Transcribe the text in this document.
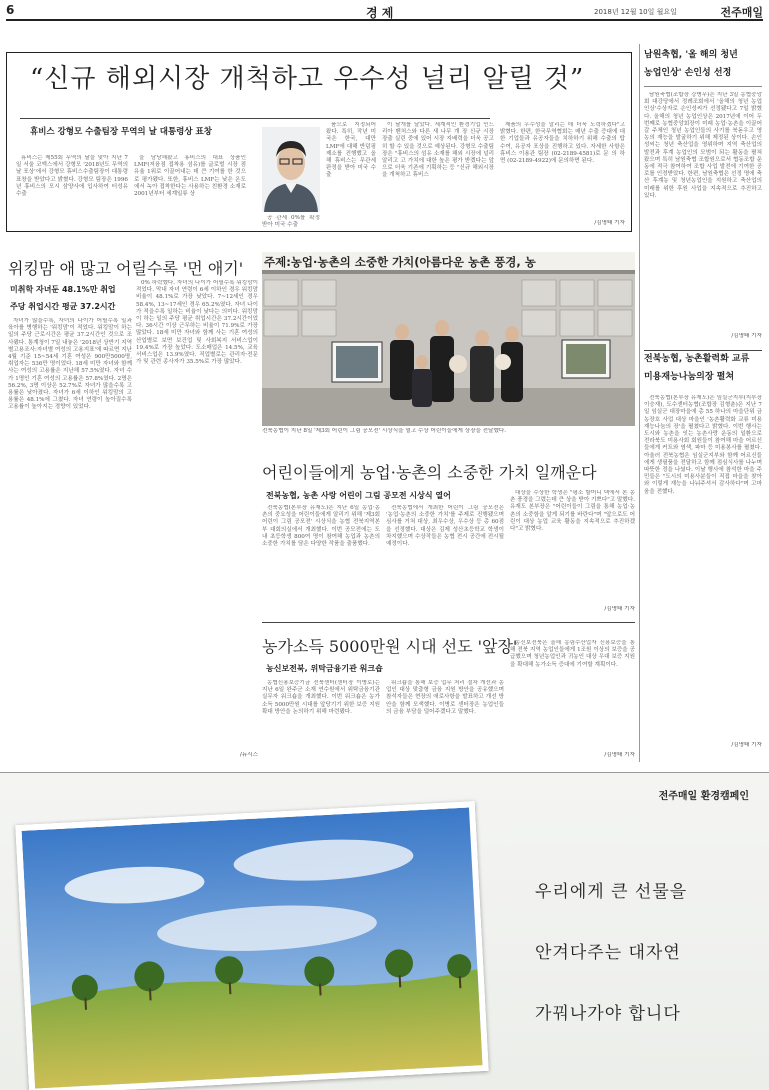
6	경 제	2018년 12월 10일 월요일	전주매일
“신규 해외시장 개척하고 우수성 널리 알릴 것”
휴비스 강형모 수출팀장 무역의 날 대통령상 표창

휴비스는 제55회 무역의 날을 맞아 지난 7일 서울 코엑스에서 강형모 '2018년도 무역의 날 포상'에서 강형모 휴비스수출팀장이 대통령 표창을 받았다고 밝혔다. 강형모 팀장은 1996년 휴비스의 모시 삼양사에 입사하여 터성유 수출

을 담당해왔고 휴비스의 대표 상품인 LMF(저융점 접착용 섬유)를 글로벌 시장 점유율 1위로 이끌어내는 데 큰 기여를 한 것으로 평가됐다. 또한, 휴비스 LMF는 낮은 온도에서 녹아 접착한다는 사용하는 친환경 소재로 2001년부터 세계일류 상

공 관세 0%를 확정 받아 미국 수출

품으로 지정되어 왔다. 특히, 작년 미국은 한국, 대만 LMF에 대해 반덤핑 제소를 진행했고 올해 휴비스는 무관세 판정을 받아 미국 수출

이 날개를 달았다. 세계적인 환경기업 인드리아 벤처스와 다른 새 나무 개 장 신규 시장 장출 실린 중에 있어 시장 지배력을 더욱 공고히 할 수 있을 것으로 예상된다. 강형모 수출팀장은 "휴비스의 섬유 소재를 해외 시장에 널리 알리고 고 가치에 대한 높은 평가 받겠다는 앞으로 더욱 기존에 기획하는 등 "신규 해외시장을 개척하고 휴비스

제품의 우수성을 알리는 데 더욱 노력하겠다"고 밝혔다. 한편, 한국무역협회는 매년 수출 증대에 대한 기업들과 유공자들을 치하하기 위해 수출의 탑 수여, 유공자 포상을 진행하고 있다. 자세한 사항은 휴비스 이용관 팀장 (02-2189-4581)로 문 의 하 면 (02-2189-4922)에 문의하면 된다.

/김명태 기자
남원축협, '올 해의 청년
농업인상' 손인성 선정

남원축협(조합장 강병무)은 지난 3일 농협중앙회 대강당에서 정례조회에서 '올해의 청년 농업인상'수상자로 손인성씨가 선정됐다고 7일 밝혔다. 올해의 청년 농업인상은 2017년에 이어 두 번째로 농협중앙회장이 미래 농업·농촌을 이끌어갈 주체인 청년 농업인들의 사기를 북돋우고 영농의 재능을 발굴하기 위해 제정된 상이다. 손인성씨는 청년 축산업을 영위하며 지역 축산업의 발전과 후계 농업인의 모범이 되는 활동을 펼쳐 왔으며 특히 남원축협 조합원으로서 협동조합 운동에 적극 참여하여 조합 사업 발전에 기여한 공로를 인정받았다. 한편, 남원축협은 선정 명에 축산 후계농 및 청년농업인을 지원하고 축산업의 미래를 위한 후원 사업을 지속적으로 추진하고 있다.

/김명태 기자
전북농협, 농촌활력화 교류
미용재능나눔의장 펼쳐

전북농협(본부장 유재도)은 임실군지부(지부장 이승재), 도수센터농협(조합장 김형춘)은 지난 7일 임실군 대장마을에 총 55 하나의 마을단위 금 농장호 사업 대상 마을인 '농촌활력화 교류 미용재능나눔의 장'을 펼쳤다고 밝혔다. 이번 행사는 도시와 농촌을 잇는 농촌사랑 운동의 일환으로 전라북도 미용사회 회원들이 참여해 마을 어르신들에게 커트와 염색, 파마 등 미용봉사를 펼쳤다. 아울러 전북농협은 임실군지부와 함께 어르신들에게 생필품을 전달하고 함께 점심식사를 나누며 따뜻한 정을 나눴다. 이날 행사에 참석한 마을 주민들은 "도시의 미용사분들이 직접 마을을 찾아와 이렇게 재능을 나눠주셔서 감사하다"며 고마움을 전했다.

/김명태 기자
위킹맘 애 많고 어릴수록 '먼 애기'
미취학 자녀둔 48.1%만 취업
주당 취업시간 평균 37.2시간

자녀가 많을수록, 자녀의 나이가 어릴수록 일과 육아를 병행하는 '워킹맘'이 적었다. 워킹맘이 하는 일의 주당 근로시간은 평균 37.2시간인 것으로 조사됐다. 통계청이 7일 내놓은 '2018년 상반기 지역별고용조사:자녀별 여성의 고용지표'에 따르면 지난 4월 기준 15~54세 기혼 여성은 900만5000명, 취업자는 536만 명이었다. 18세 미만 자녀와 함께 사는 여성의 고용률은 지난해 57.5%였다. 자녀 수가 1명인 기혼 여성의 고용률은 57.8%였다. 2명은 56.2%, 3명 이상은 52.7%로 자녀가 많을수록 고용률은 낮아졌다. 자녀가 6세 이하인 워킹맘의 고용률은 48.1%에 그쳤다. 자녀 연령이 높아질수록 고용률이 높아지는 경향이 있었다.

0% 하락했다. 자녀의 나이가 어릴수록 워킹맘이 적었다. 막내 자녀 연령이 6세 이하인 경우 워킹맘 비율이 48.1%로 가장 낮았다. 7~12세인 경우 58.4%, 13~17세인 경우 65.2%였다. 자녀 나이가 적을수록 일하는 비율이 낮다는 의미다. 워킹맘이 하는 일의 주당 평균 취업시간은 37.2시간이었다. 36시간 이상 근무하는 비율이 71.9%로 가장 많았다. 18세 미만 자녀와 함께 사는 기혼 여성의 산업별로 보면 보건업 및 사회복지 서비스업이 19.4%로 가장 높았다. 도소매업은 14.5%, 교육서비스업은 13.9%였다. 직업별로는 관리자·전문가 및 관련 종사자가 35.5%로 가장 많았다.

/뉴시스
주제:농업·농촌의 소중한 가치(아름다운 농촌 풍경, 농
전북농협이 지난 8일 '제3회 어린이 그림 공모전' 시상식을 열고 수상 어린이들에게 상장을 전달했다.
어린이들에게 농업·농촌의 소중한 가치 일깨운다
전북농협, 농촌 사랑 어린이 그림 공모전 시상식 열어

전북농협(본부장 유재도)은 지난 6일 농업·농촌의 중요성을 어린이들에게 알리기 위해 '제3회 어린이 그림 공모전' 시상식을 농협 전북지역본부 대회의실에서 개최했다. 이번 공모전에는 도내 초등학생 800여 명이 참여해 농업과 농촌의 소중한 가치를 담은 다양한 작품을 출품했다.

전북농협에서 개최한 어린이 그림 공모전은 '농업·농촌의 소중한 가치'를 주제로 진행됐으며 심사를 거쳐 대상, 최우수상, 우수상 등 총 60점을 선정했다. 대상은 김제 성산초등학교 학생이 차지했으며 수상작들은 농협 전시 공간에 전시될 예정이다.

대상을 수상한 학생은 "평소 할머니 댁에서 본 농촌 풍경을 그렸는데 큰 상을 받아 기쁘다"고 말했다. 유재도 본부장은 "어린이들이 그림을 통해 농업·농촌의 소중함을 알게 되기를 바란다"며 "앞으로도 어린이 대상 농업 교육 활동을 지속적으로 추진하겠다"고 밝혔다.

/김명태 기자
농가소득 5000만원 시대 선도 '앞장'
농신보전북, 위탁금융기관 워크숍

농협신용보증기금 전북센터(센터장 이병로)는 지난 6일 완주군 소재 연수원에서 위탁금융기관 실무자 워크숍을 개최했다. 이번 워크숍은 농가소득 5000만원 시대를 앞당기기 위한 보증 지원 확대 방안을 논의하기 위해 마련됐다.

워크숍을 통해 보증 업무 처리 절차 개선과 농업인 대상 맞춤형 금융 지원 방안을 공유했으며 참석자들은 현장의 애로사항을 발표하고 개선 방안을 함께 모색했다. 이병로 센터장은 농업인들의 금융 부담을 덜어주겠다고 말했다.

농신보전북은 올해 농림수산업자 신용보증을 통해 전북 지역 농업인들에게 1조원 이상의 보증을 공급했으며 청년농업인과 귀농인 대상 우대 보증 지원을 확대해 농가소득 증대에 기여할 계획이다.

/김명태 기자
전주매일 환경캠페인
우리에게 큰 선물을
안겨다주는 대자연
가꿔나가야 합니다
